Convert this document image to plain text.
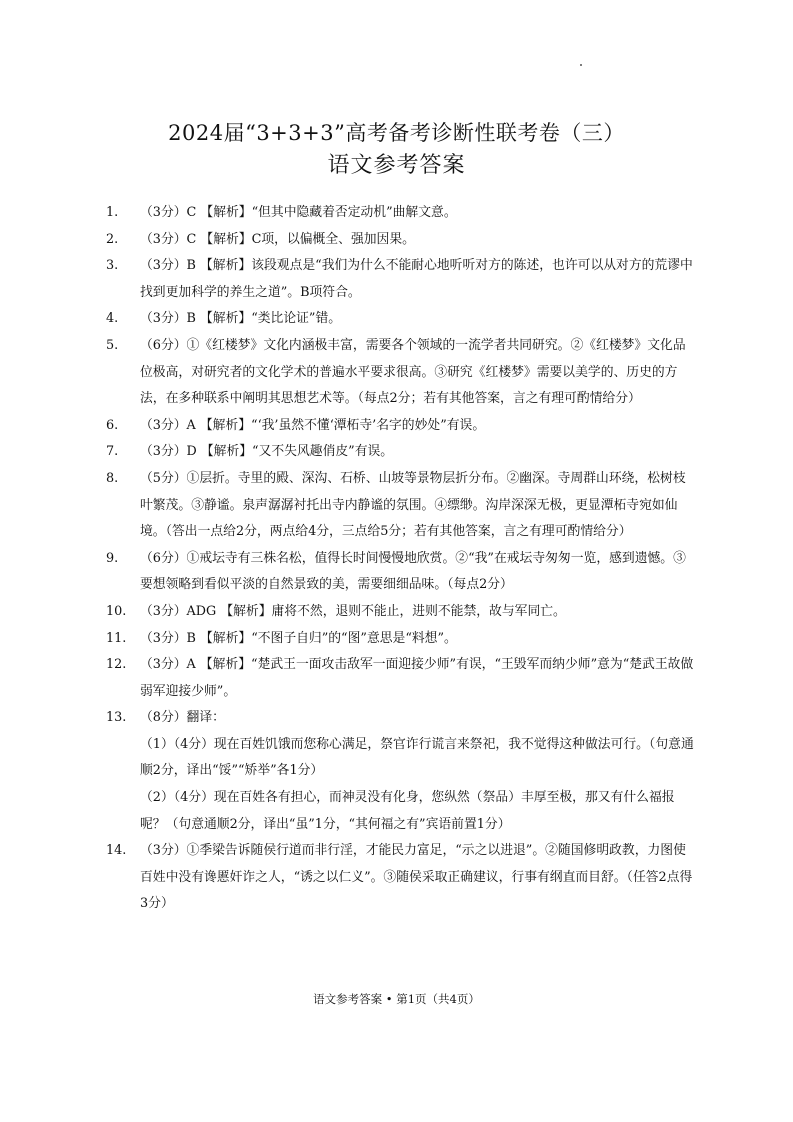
2024届“3+3+3”高考备考诊断性联考卷（三）
语文参考答案
1. （3分）C 【解析】“但其中隐藏着否定动机”曲解文意。
2. （3分）C 【解析】C项，以偏概全、强加因果。
3. （3分）B 【解析】该段观点是“我们为什么不能耐心地听听对方的陈述，也许可以从对方的荒谬中找到更加科学的养生之道”。B项符合。
4. （3分）B 【解析】“类比论证”错。
5. （6分）①《红楼梦》文化内涵极丰富，需要各个领域的一流学者共同研究。②《红楼梦》文化品位极高，对研究者的文化学术的普遍水平要求很高。③研究《红楼梦》需要以美学的、历史的方法，在多种联系中阐明其思想艺术等。（每点2分；若有其他答案，言之有理可酌情给分）
6. （3分）A 【解析】“‘我’虽然不懂‘潭柘寺’名字的妙处”有误。
7. （3分）D 【解析】“又不失风趣俏皮”有误。
8. （5分）①层折。寺里的殿、深沟、石桥、山坡等景物层折分布。②幽深。寺周群山环绕，松树枝叶繁茂。③静谧。泉声潺潺衬托出寺内静谧的氛围。④缥缈。沟岸深深无极，更显潭柘寺宛如仙境。（答出一点给2分，两点给4分，三点给5分；若有其他答案，言之有理可酌情给分）
9. （6分）①戒坛寺有三株名松，值得长时间慢慢地欣赏。②“我”在戒坛寺匆匆一览，感到遗憾。③要想领略到看似平淡的自然景致的美，需要细细品味。（每点2分）
10. （3分）ADG 【解析】庸将不然，退则不能止，进则不能禁，故与军同亡。
11. （3分）B 【解析】“不图子自归”的“图”意思是“料想”。
12. （3分）A 【解析】“楚武王一面攻击敌军一面迎接少师”有误，“王毁军而纳少师”意为“楚武王故做弱军迎接少师”。
13. （8分）翻译：
（1）（4分）现在百姓饥饿而您称心满足，祭官诈行谎言来祭祀，我不觉得这种做法可行。（句意通顺2分，译出“馁”“矫举”各1分）
（2）（4分）现在百姓各有担心，而神灵没有化身，您纵然（祭品）丰厚至极，那又有什么福报呢？（句意通顺2分，译出“虽”1分，“其何福之有”宾语前置1分）
14. （3分）①季梁告诉随侯行道而非行淫，才能民力富足，“示之以进退”。②随国修明政教，力图使百姓中没有谗慝奸诈之人，“诱之以仁义”。③随侯采取正确建议，行事有纲直而目舒。（任答2点得3分）
语文参考答案 • 第1页（共4页）
